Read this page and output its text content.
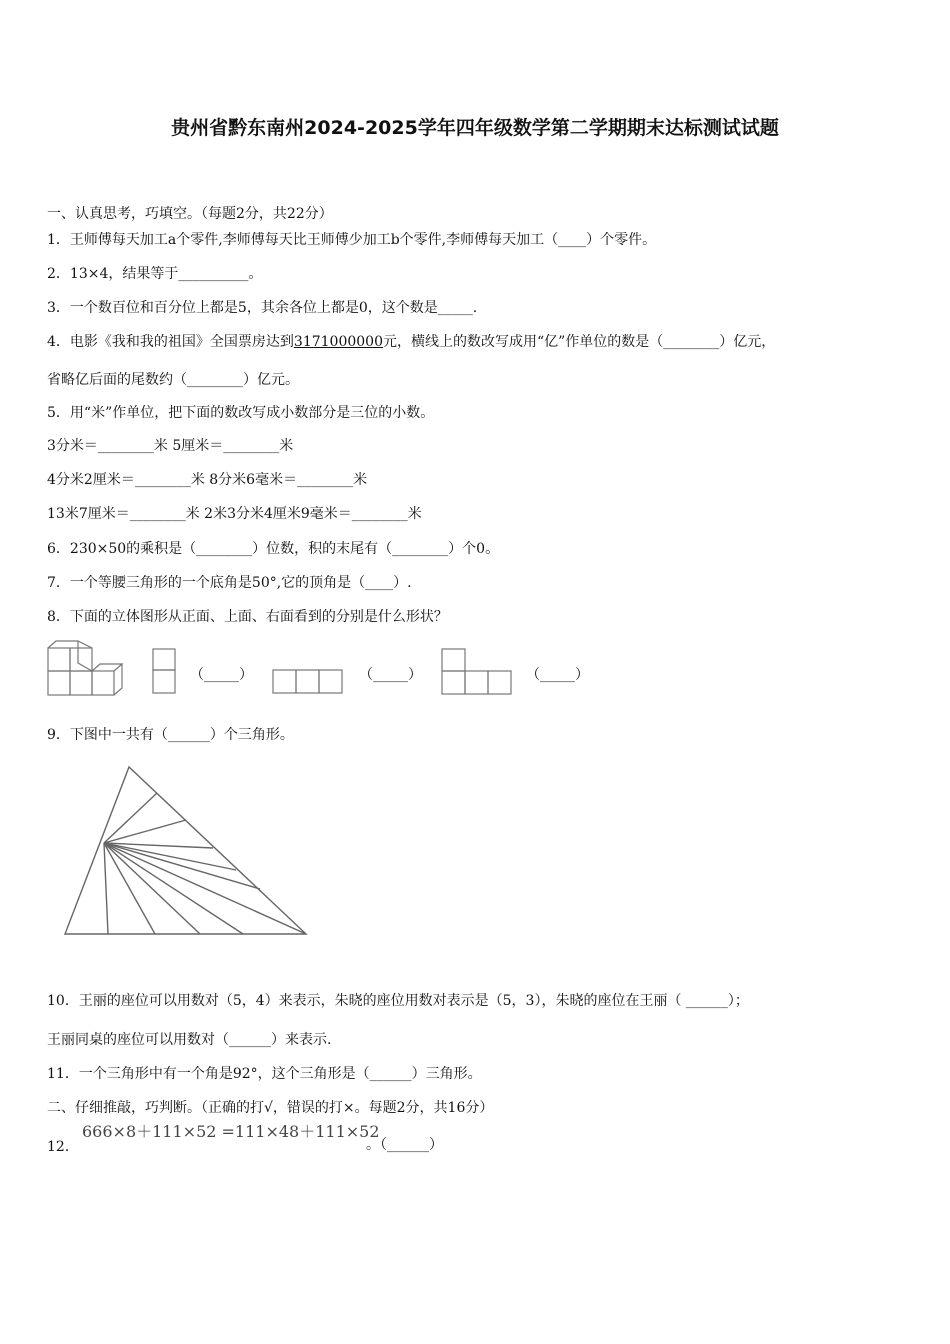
贵州省黔东南州2024-2025学年四年级数学第二学期期末达标测试试题
一、认真思考，巧填空。（每题2分，共22分）
1．王师傅每天加工a个零件,李师傅每天比王师傅少加工b个零件,李师傅每天加工（____）个零件。
2．13×4，结果等于__________。
3．一个数百位和百分位上都是5，其余各位上都是0，这个数是_____.
4．电影《我和我的祖国》全国票房达到3171000000元，横线上的数改写成用“亿”作单位的数是（________）亿元，
省略亿后面的尾数约（________）亿元。
5．用“米”作单位，把下面的数改写成小数部分是三位的小数。
3分米＝________米 5厘米＝________米
4分米2厘米＝________米 8分米6毫米＝________米
13米7厘米＝________米 2米3分米4厘米9毫米＝________米
6．230×50的乘积是（________）位数，积的末尾有（________）个0。
7．一个等腰三角形的一个底角是50°,它的顶角是（____）.
8．下面的立体图形从正面、上面、右面看到的分别是什么形状？
（_____）	（_____）	（_____）
9．下图中一共有（______）个三角形。
10．王丽的座位可以用数对（5，4）来表示，朱晓的座位用数对表示是（5，3），朱晓的座位在王丽（ ______）；
王丽同桌的座位可以用数对（______）来表示.
11．一个三角形中有一个角是92°，这个三角形是（______）三角形。
二、仔细推敲，巧判断。（正确的打√，错误的打×。每题2分，共16分）
12．
666×8＋111×52 =111×48＋111×52
。（______）
